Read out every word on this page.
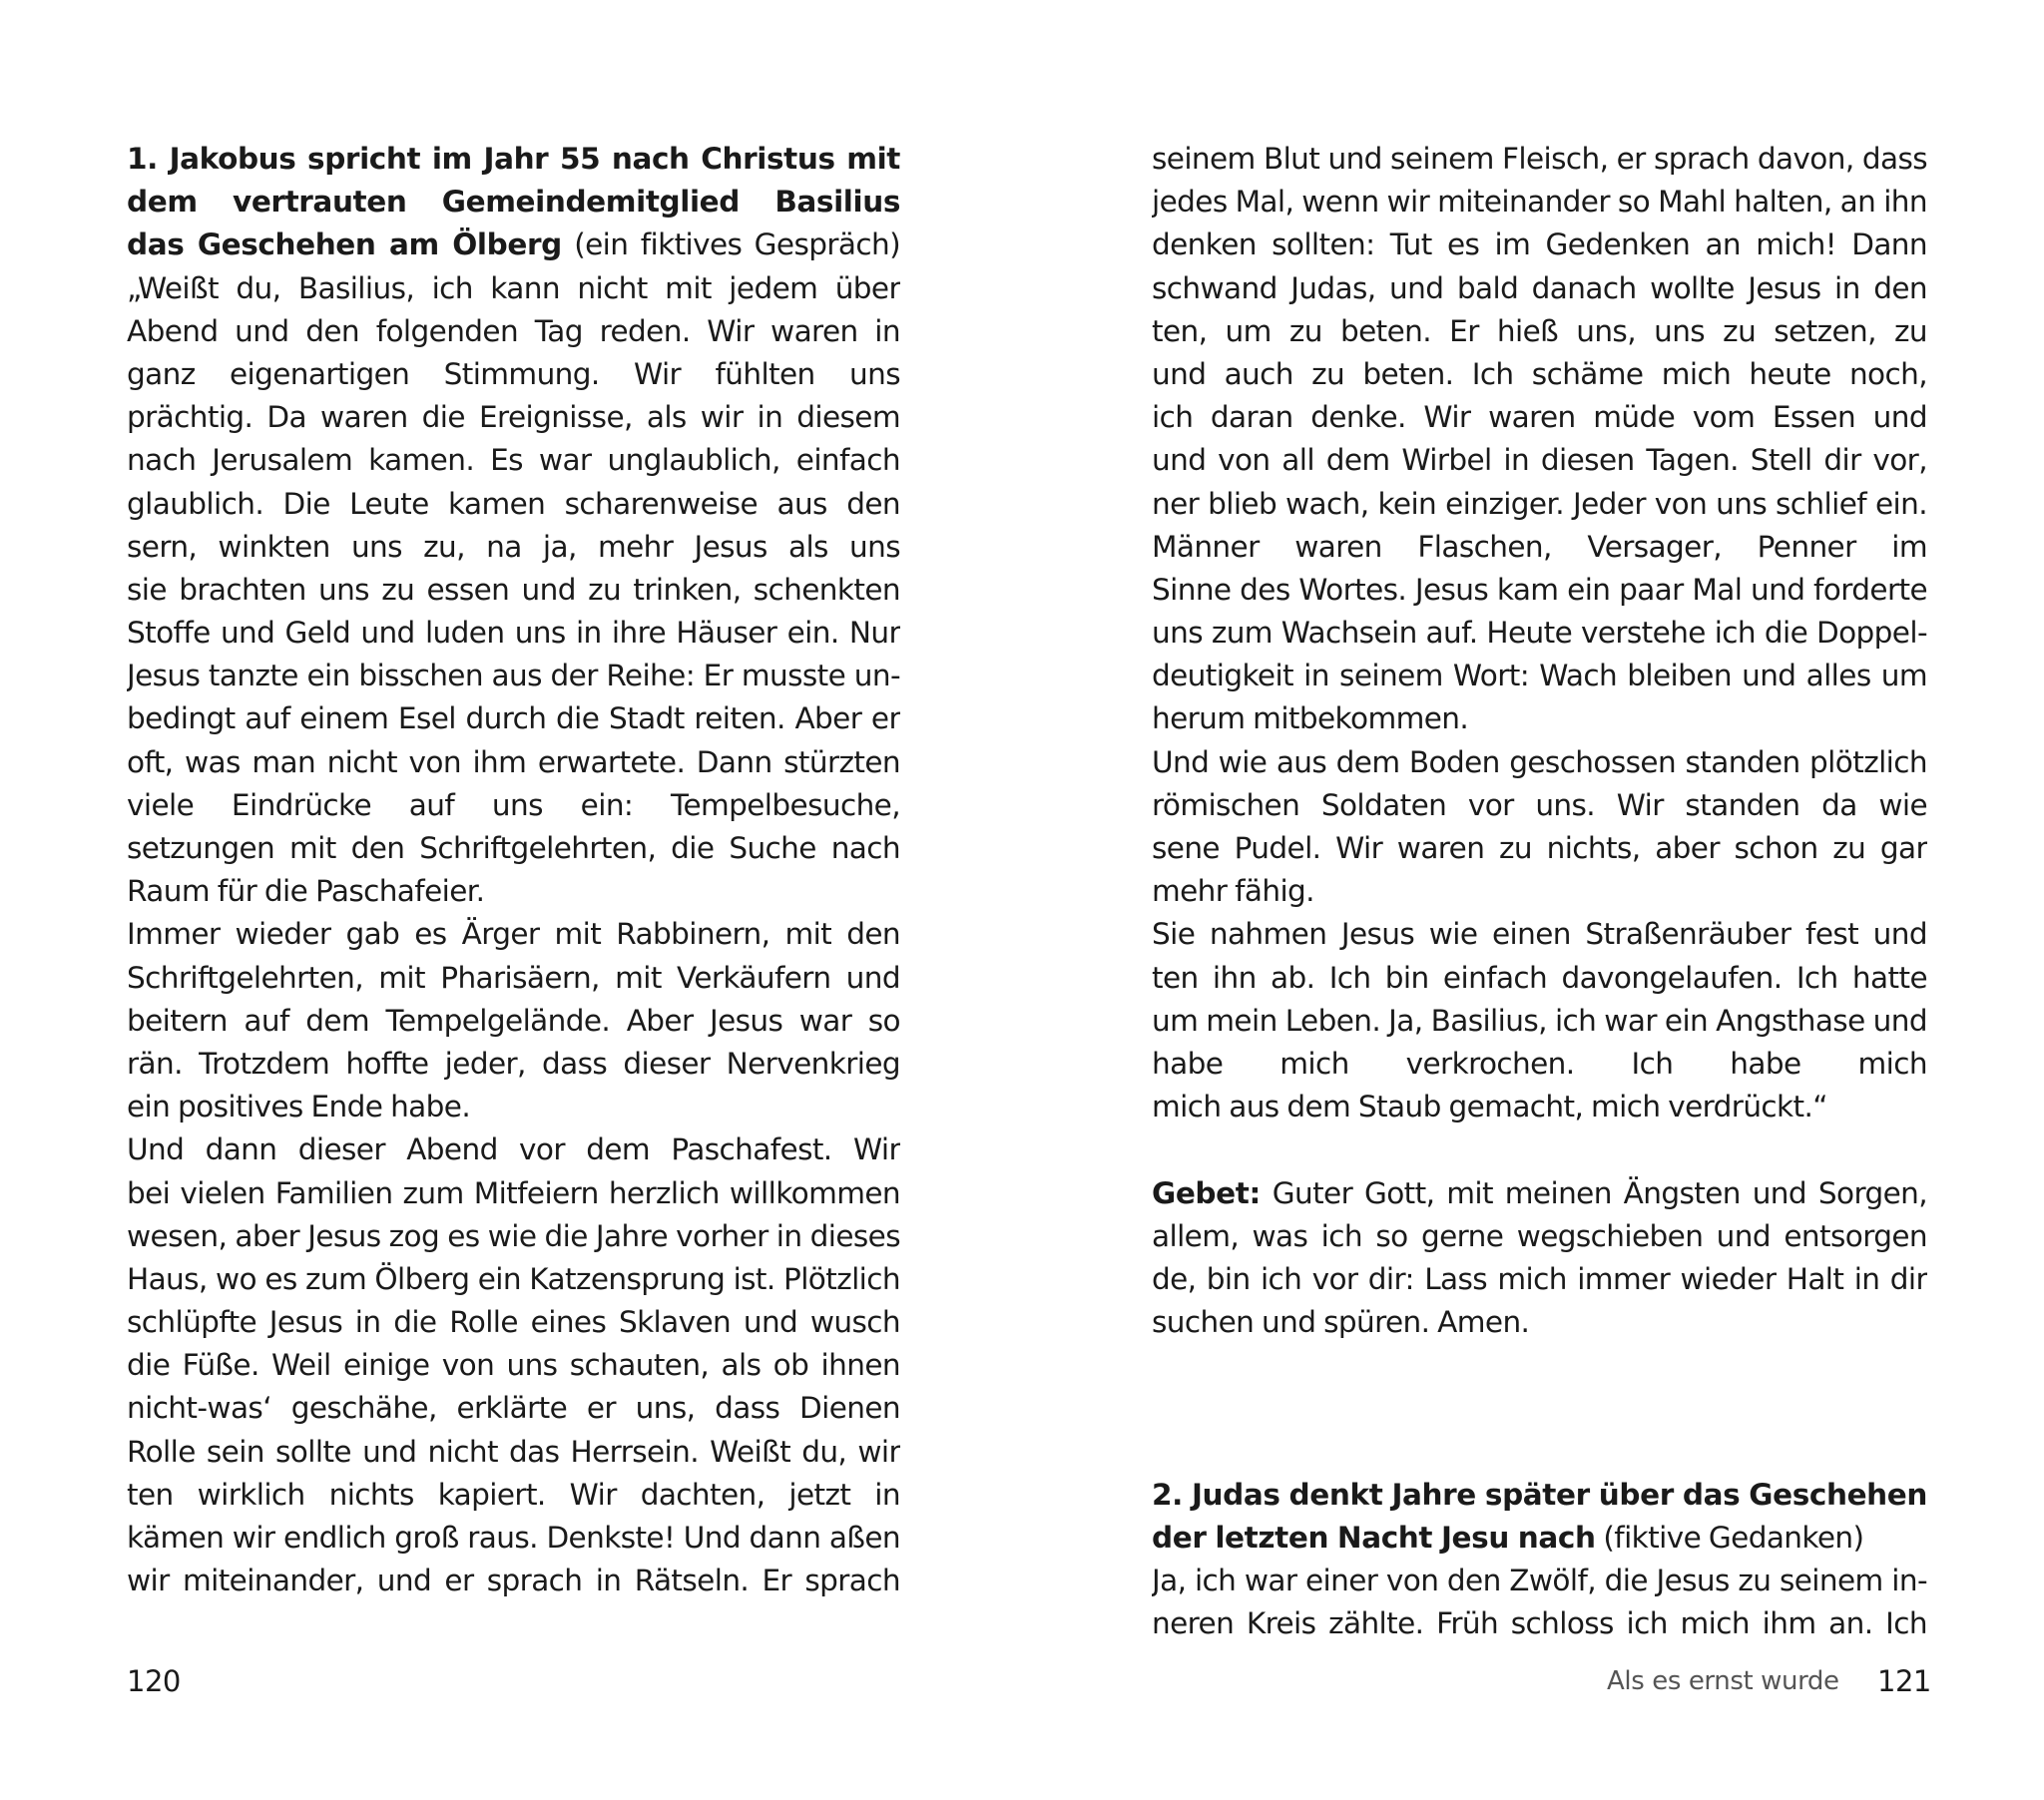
1. Jakobus spricht im Jahr 55 nach Christus mit
dem vertrauten Gemeindemitglied Basilius
das Geschehen am Ölberg (ein fiktives Gespräch)
„Weißt du, Basilius, ich kann nicht mit jedem über
Abend und den folgenden Tag reden. Wir waren in
ganz eigenartigen Stimmung. Wir fühlten uns
prächtig. Da waren die Ereignisse, als wir in diesem
nach Jerusalem kamen. Es war unglaublich, einfach
glaublich. Die Leute kamen scharenweise aus den
sern, winkten uns zu, na ja, mehr Jesus als uns
sie brachten uns zu essen und zu trinken, schenkten
Stoffe und Geld und luden uns in ihre Häuser ein. Nur
Jesus tanzte ein bisschen aus der Reihe: Er musste un-
bedingt auf einem Esel durch die Stadt reiten. Aber er
oft, was man nicht von ihm erwartete. Dann stürzten
viele Eindrücke auf uns ein: Tempelbesuche,
setzungen mit den Schriftgelehrten, die Suche nach
Raum für die Paschafeier.
Immer wieder gab es Ärger mit Rabbinern, mit den
Schriftgelehrten, mit Pharisäern, mit Verkäufern und
beitern auf dem Tempelgelände. Aber Jesus war so
rän. Trotzdem hoffte jeder, dass dieser Nervenkrieg
ein positives Ende habe.
Und dann dieser Abend vor dem Paschafest. Wir
bei vielen Familien zum Mitfeiern herzlich willkommen
wesen, aber Jesus zog es wie die Jahre vorher in dieses
Haus, wo es zum Ölberg ein Katzensprung ist. Plötzlich
schlüpfte Jesus in die Rolle eines Sklaven und wusch
die Füße. Weil einige von uns schauten, als ob ihnen
nicht-was‘ geschähe, erklärte er uns, dass Dienen
Rolle sein sollte und nicht das Herrsein. Weißt du, wir
ten wirklich nichts kapiert. Wir dachten, jetzt in
kämen wir endlich groß raus. Denkste! Und dann aßen
wir miteinander, und er sprach in Rätseln. Er sprach
120
seinem Blut und seinem Fleisch, er sprach davon, dass
jedes Mal, wenn wir miteinander so Mahl halten, an ihn
denken sollten: Tut es im Gedenken an mich! Dann
schwand Judas, und bald danach wollte Jesus in den
ten, um zu beten. Er hieß uns, uns zu setzen, zu
und auch zu beten. Ich schäme mich heute noch,
ich daran denke. Wir waren müde vom Essen und
und von all dem Wirbel in diesen Tagen. Stell dir vor,
ner blieb wach, kein einziger. Jeder von uns schlief ein.
Männer waren Flaschen, Versager, Penner im
Sinne des Wortes. Jesus kam ein paar Mal und forderte
uns zum Wachsein auf. Heute verstehe ich die Doppel-
deutigkeit in seinem Wort: Wach bleiben und alles um
herum mitbekommen.
Und wie aus dem Boden geschossen standen plötzlich
römischen Soldaten vor uns. Wir standen da wie
sene Pudel. Wir waren zu nichts, aber schon zu gar
mehr fähig.
Sie nahmen Jesus wie einen Straßenräuber fest und
ten ihn ab. Ich bin einfach davongelaufen. Ich hatte
um mein Leben. Ja, Basilius, ich war ein Angsthase und
habe mich verkrochen. Ich habe mich
mich aus dem Staub gemacht, mich verdrückt.“
Gebet: Guter Gott, mit meinen Ängsten und Sorgen,
allem, was ich so gerne wegschieben und entsorgen
de, bin ich vor dir: Lass mich immer wieder Halt in dir
suchen und spüren. Amen.
2. Judas denkt Jahre später über das Geschehen
der letzten Nacht Jesu nach (fiktive Gedanken)
Ja, ich war einer von den Zwölf, die Jesus zu seinem in-
neren Kreis zählte. Früh schloss ich mich ihm an. Ich
Als es ernst wurde 121
